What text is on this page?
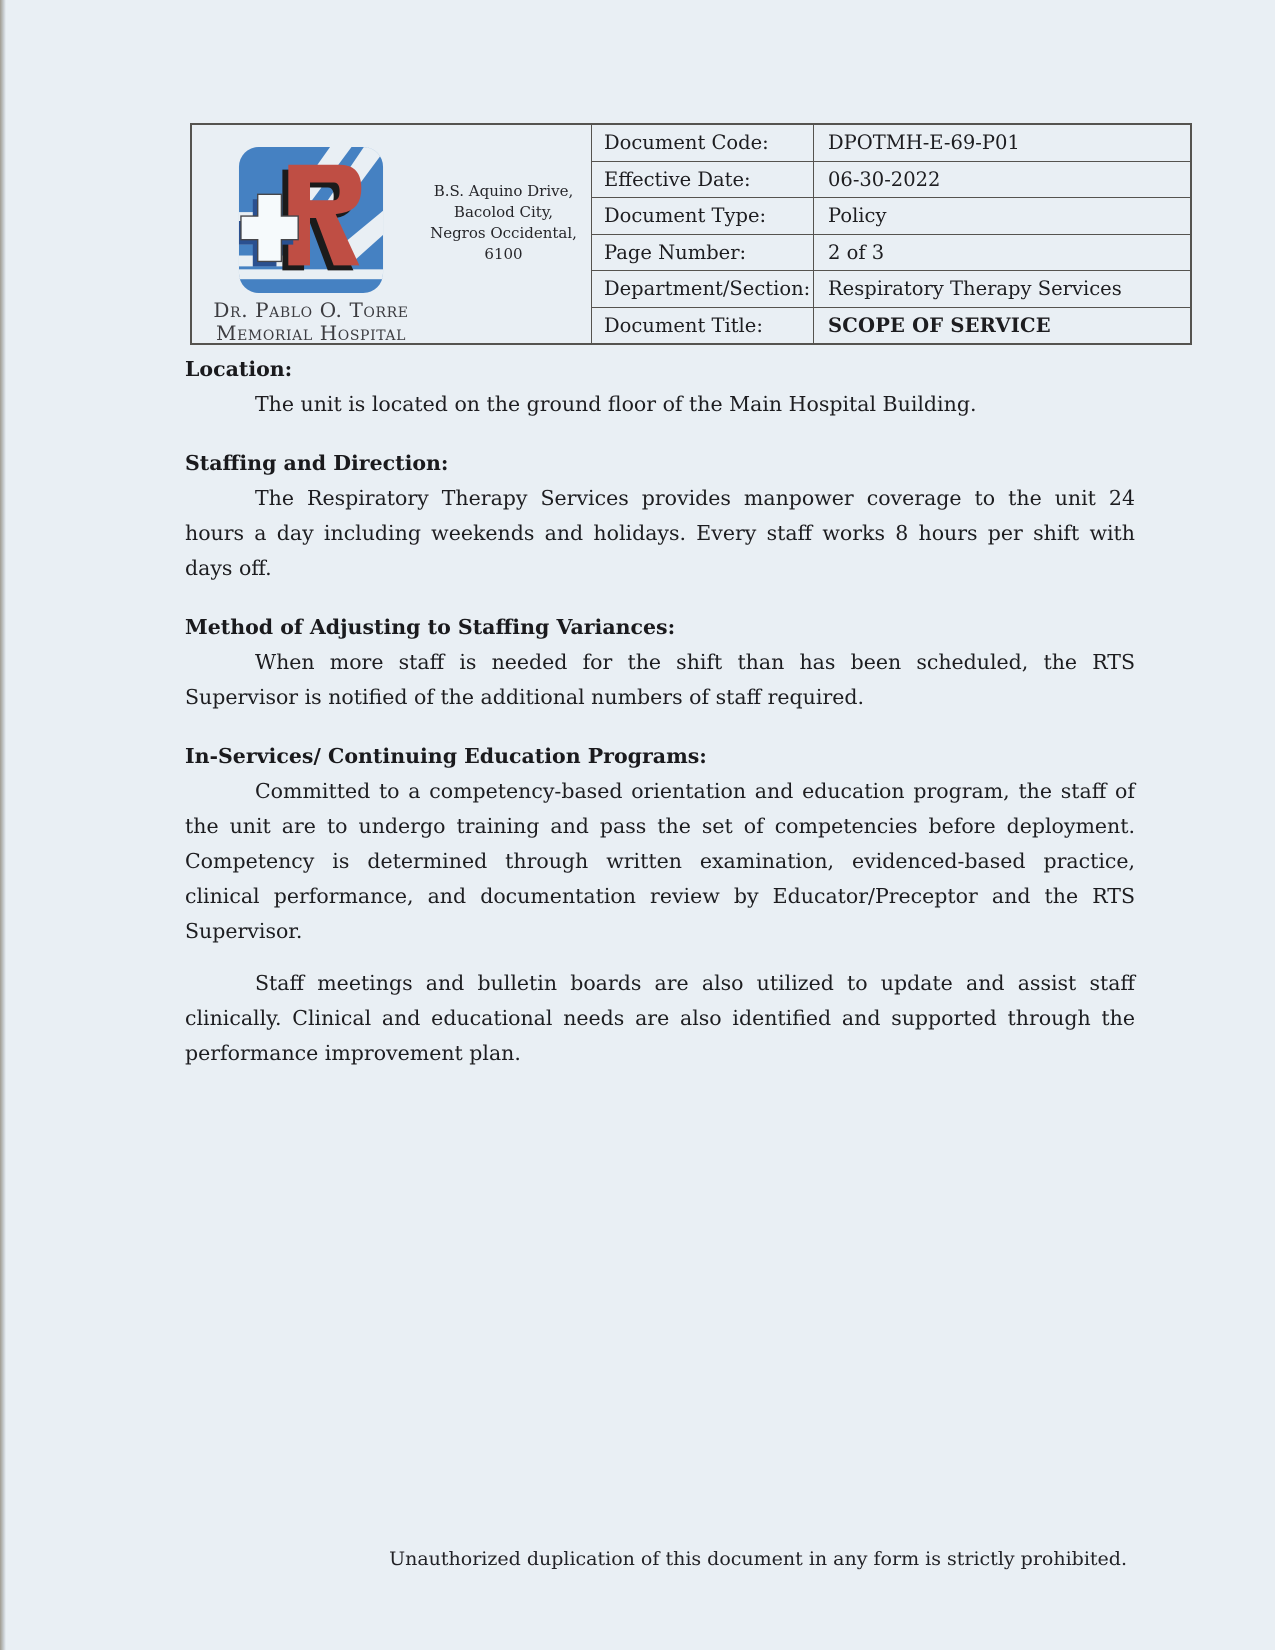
Dr. Pablo O. Torre
Memorial Hospital
B.S. Aquino Drive,
Bacolod City,
Negros Occidental,
6100
Document Code:	DPOTMH-E-69-P01
Effective Date:	06-30-2022
Document Type:	Policy
Page Number:	2 of 3
Department/Section: Respiratory Therapy Services
Document Title:	SCOPE OF SERVICE
Location:

The unit is located on the ground floor of the Main Hospital Building.

Staffing and Direction:

The Respiratory Therapy Services provides manpower coverage to the unit 24 hours a day including weekends and holidays. Every staff works 8 hours per shift with days off.

Method of Adjusting to Staffing Variances:

When more staff is needed for the shift than has been scheduled, the RTS Supervisor is notified of the additional numbers of staff required.

In-Services/ Continuing Education Programs:

Committed to a competency-based orientation and education program, the staff of the unit are to undergo training and pass the set of competencies before deployment. Competency is determined through written examination, evidenced-based practice, clinical performance, and documentation review by Educator/Preceptor and the RTS Supervisor.

Staff meetings and bulletin boards are also utilized to update and assist staff clinically. Clinical and educational needs are also identified and supported through the performance improvement plan.

Unauthorized duplication of this document in any form is strictly prohibited.
